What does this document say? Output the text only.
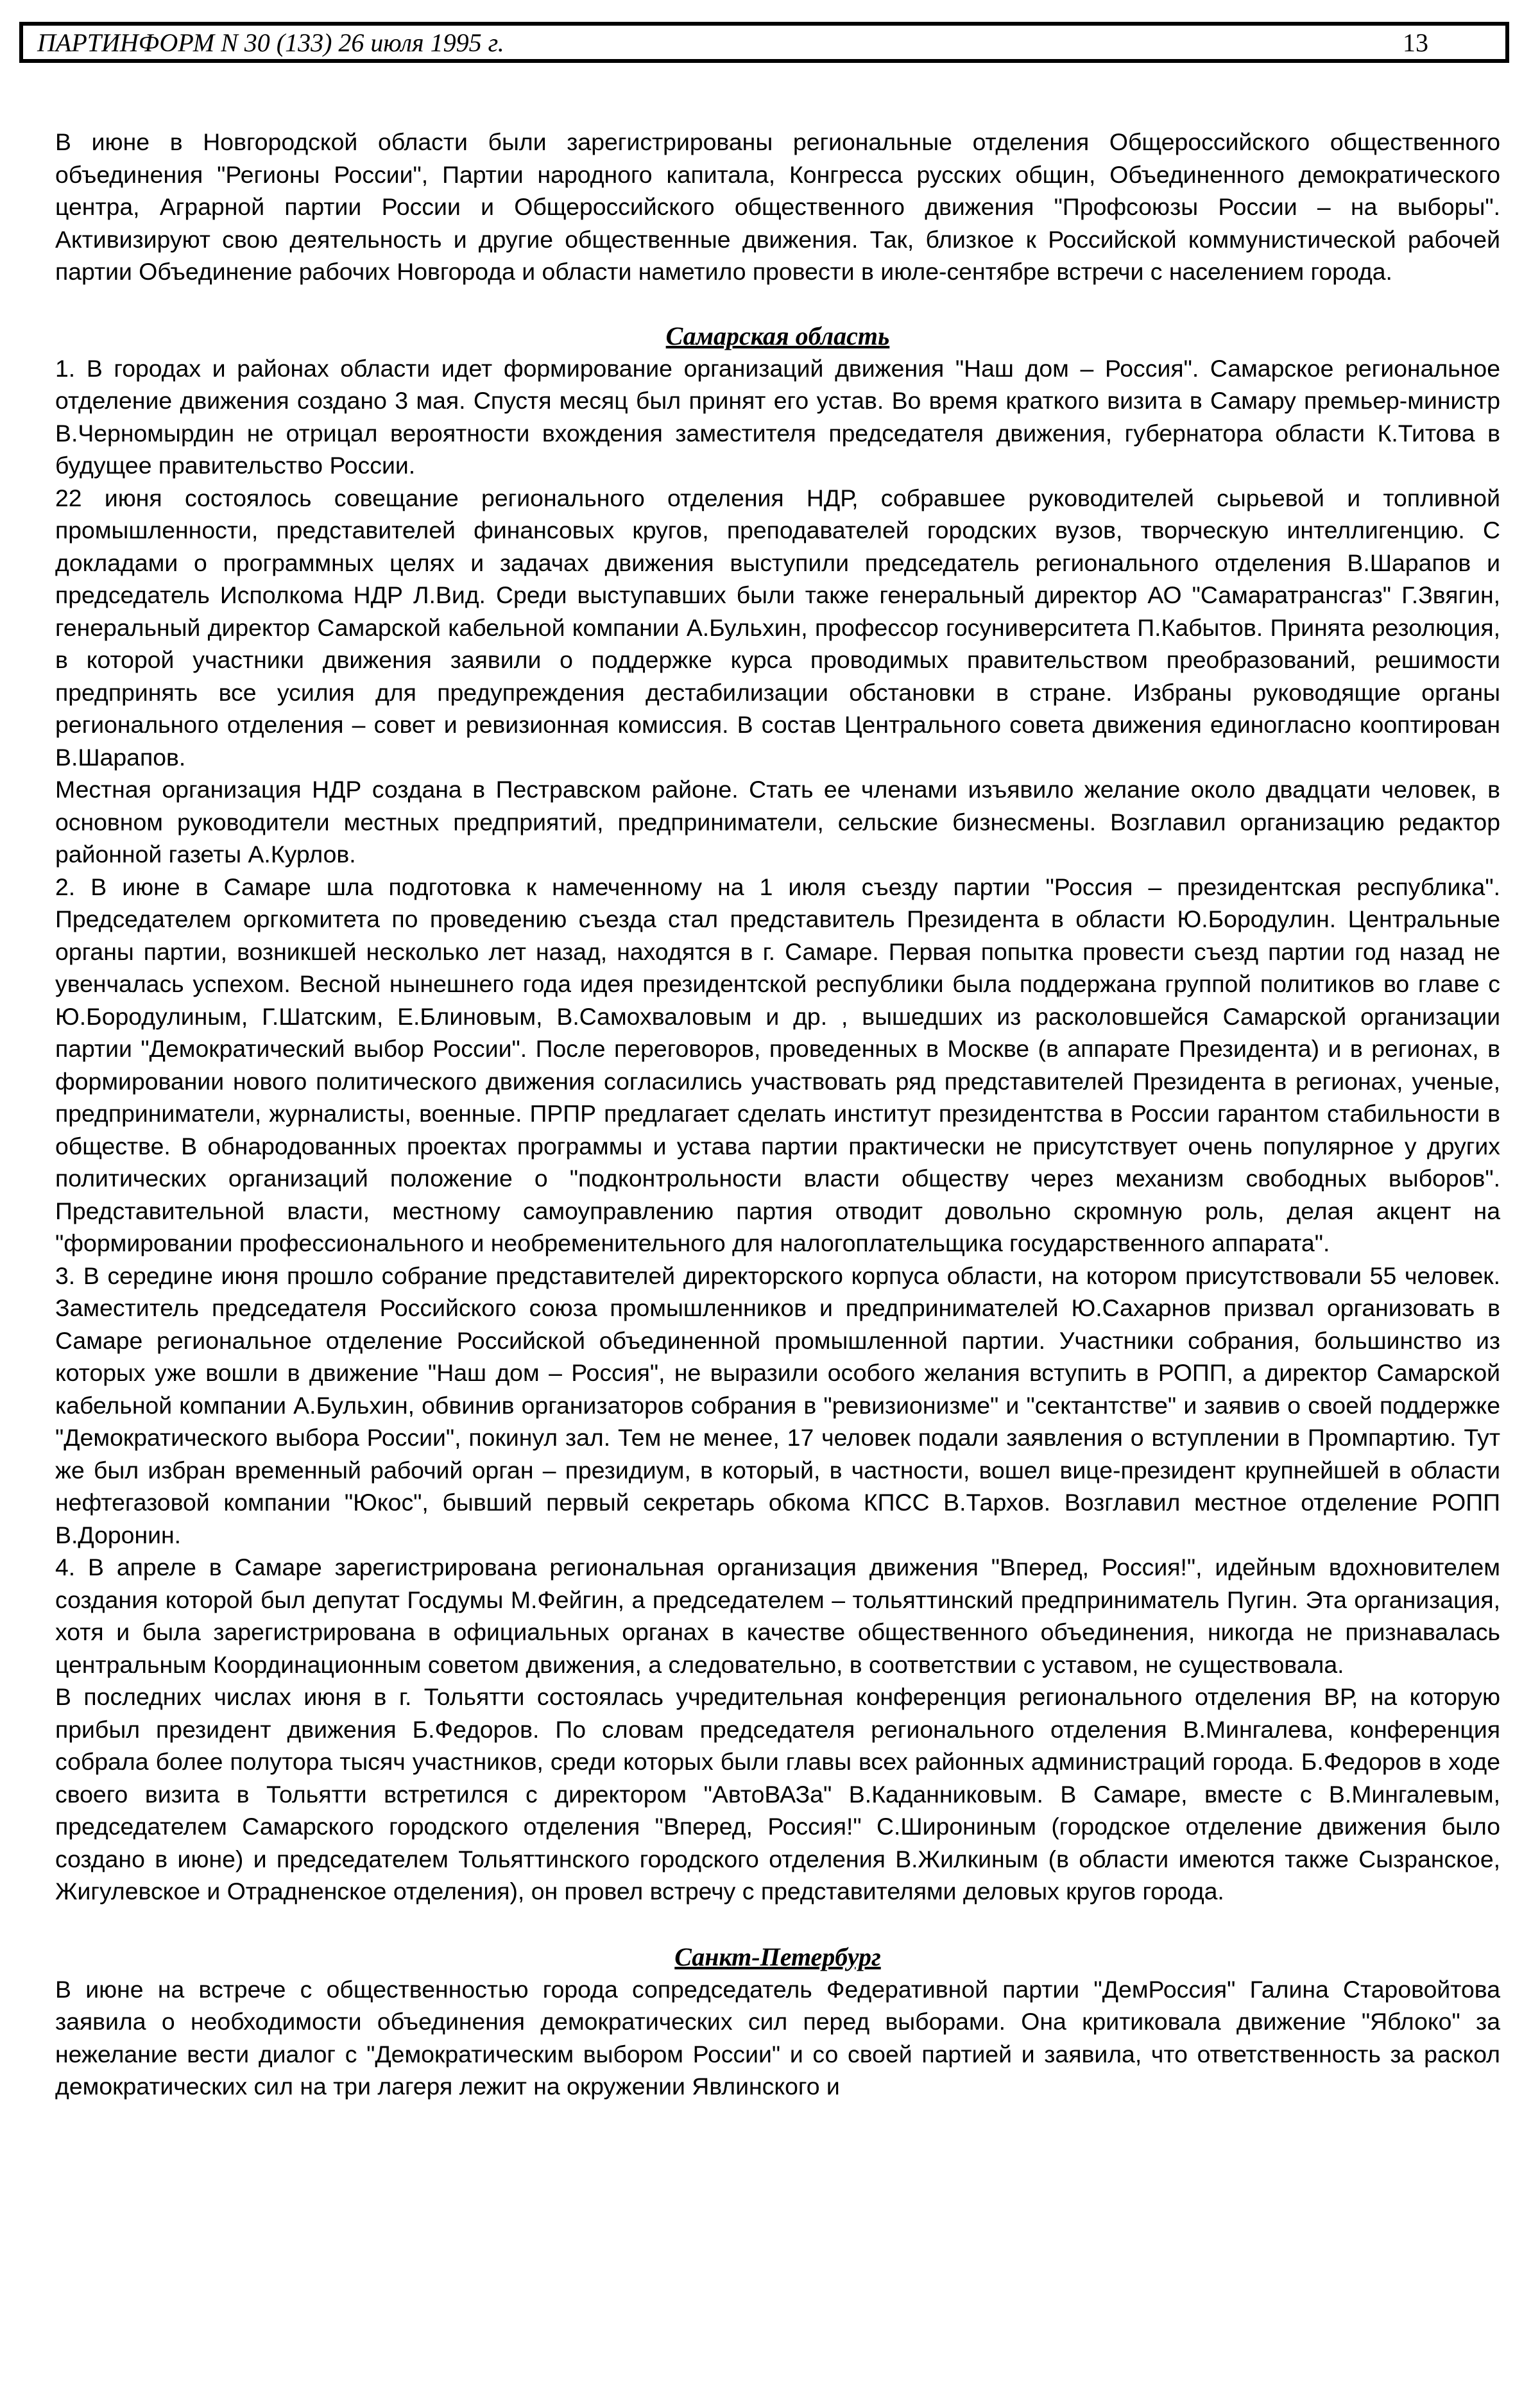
ПАРТИНФОРМ N 30 (133) 26 июля 1995 г.	13

В июне в Новгородской области были зарегистрированы региональные отделения Общероссийского общественного объединения "Регионы России", Партии народного капитала, Конгресса русских общин, Объединенного демократического центра, Аграрной партии России и Общероссийского общественного движения "Профсоюзы России – на выборы". Активизируют свою деятельность и другие общественные движения. Так, близкое к Российской коммунистической рабочей партии Объединение рабочих Новгорода и области наметило провести в июле-сентябре встречи с населением города.

Самарская область

1. В городах и районах области идет формирование организаций движения "Наш дом – Россия". Самарское региональное отделение движения создано 3 мая. Спустя месяц был принят его устав. Во время краткого визита в Самару премьер-министр В.Черномырдин не отрицал вероятности вхождения заместителя председателя движения, губернатора области К.Титова в будущее правительство России.

22 июня состоялось совещание регионального отделения НДР, собравшее руководителей сырьевой и топливной промышленности, представителей финансовых кругов, преподавателей городских вузов, творческую интеллигенцию. С докладами о программных целях и задачах движения выступили председатель регионального отделения В.Шарапов и председатель Исполкома НДР Л.Вид. Среди выступавших были также генеральный директор АО "Самаратрансгаз" Г.Звягин, генеральный директор Самарской кабельной компании А.Бульхин, профессор госуниверситета П.Кабытов. Принята резолюция, в которой участники движения заявили о поддержке курса проводимых правительством преобразований, решимости предпринять все усилия для предупреждения дестабилизации обстановки в стране. Избраны руководящие органы регионального отделения – совет и ревизионная комиссия. В состав Центрального совета движения единогласно кооптирован В.Шарапов.

Местная организация НДР создана в Пестравском районе. Стать ее членами изъявило желание около двадцати человек, в основном руководители местных предприятий, предприниматели, сельские бизнесмены. Возглавил организацию редактор районной газеты А.Курлов.

2. В июне в Самаре шла подготовка к намеченному на 1 июля съезду партии "Россия – президентская республика". Председателем оргкомитета по проведению съезда стал представитель Президента в области Ю.Бородулин. Центральные органы партии, возникшей несколько лет назад, находятся в г. Самаре. Первая попытка провести съезд партии год назад не увенчалась успехом. Весной нынешнего года идея президентской республики была поддержана группой политиков во главе с Ю.Бородулиным, Г.Шатским, Е.Блиновым, В.Самохваловым и др. , вышедших из расколовшейся Самарской организации партии "Демократический выбор России". После переговоров, проведенных в Москве (в аппарате Президента) и в регионах, в формировании нового политического движения согласились участвовать ряд представителей Президента в регионах, ученые, предприниматели, журналисты, военные. ПРПР предлагает сделать институт президентства в России гарантом стабильности в обществе. В обнародованных проектах программы и устава партии практически не присутствует очень популярное у других политических организаций положение о "подконтрольности власти обществу через механизм свободных выборов". Представительной власти, местному самоуправлению партия отводит довольно скромную роль, делая акцент на "формировании профессионального и необременительного для налогоплательщика государственного аппарата".

3. В середине июня прошло собрание представителей директорского корпуса области, на котором присутствовали 55 человек. Заместитель председателя Российского союза промышленников и предпринимателей Ю.Сахарнов призвал организовать в Самаре региональное отделение Российской объединенной промышленной партии. Участники собрания, большинство из которых уже вошли в движение "Наш дом – Россия", не выразили особого желания вступить в РОПП, а директор Самарской кабельной компании А.Бульхин, обвинив организаторов собрания в "ревизионизме" и "сектантстве" и заявив о своей поддержке "Демократического выбора России", покинул зал. Тем не менее, 17 человек подали заявления о вступлении в Промпартию. Тут же был избран временный рабочий орган – президиум, в который, в частности, вошел вице-президент крупнейшей в области нефтегазовой компании "Юкос", бывший первый секретарь обкома КПСС В.Тархов. Возглавил местное отделение РОПП В.Доронин.

4. В апреле в Самаре зарегистрирована региональная организация движения "Вперед, Россия!", идейным вдохновителем создания которой был депутат Госдумы М.Фейгин, а председателем – тольяттинский предприниматель Пугин. Эта организация, хотя и была зарегистрирована в официальных органах в качестве общественного объединения, никогда не признавалась центральным Координационным советом движения, а следовательно, в соответствии с уставом, не существовала.

В последних числах июня в г. Тольятти состоялась учредительная конференция регионального отделения ВР, на которую прибыл президент движения Б.Федоров. По словам председателя регионального отделения В.Мингалева, конференция собрала более полутора тысяч участников, среди которых были главы всех районных администраций города. Б.Федоров в ходе своего визита в Тольятти встретился с директором "АвтоВАЗа" В.Каданниковым. В Самаре, вместе с В.Мингалевым, председателем Самарского городского отделения "Вперед, Россия!" С.Широниным (городское отделение движения было создано в июне) и председателем Тольяттинского городского отделения В.Жилкиным (в области имеются также Сызранское, Жигулевское и Отрадненское отделения), он провел встречу с представителями деловых кругов города.

Санкт-Петербург

В июне на встрече с общественностью города сопредседатель Федеративной партии "ДемРоссия" Галина Старовойтова заявила о необходимости объединения демократических сил перед выборами. Она критиковала движение "Яблоко" за нежелание вести диалог с "Демократическим выбором России" и со своей партией и заявила, что ответственность за раскол демократических сил на три лагеря лежит на окружении Явлинского и
